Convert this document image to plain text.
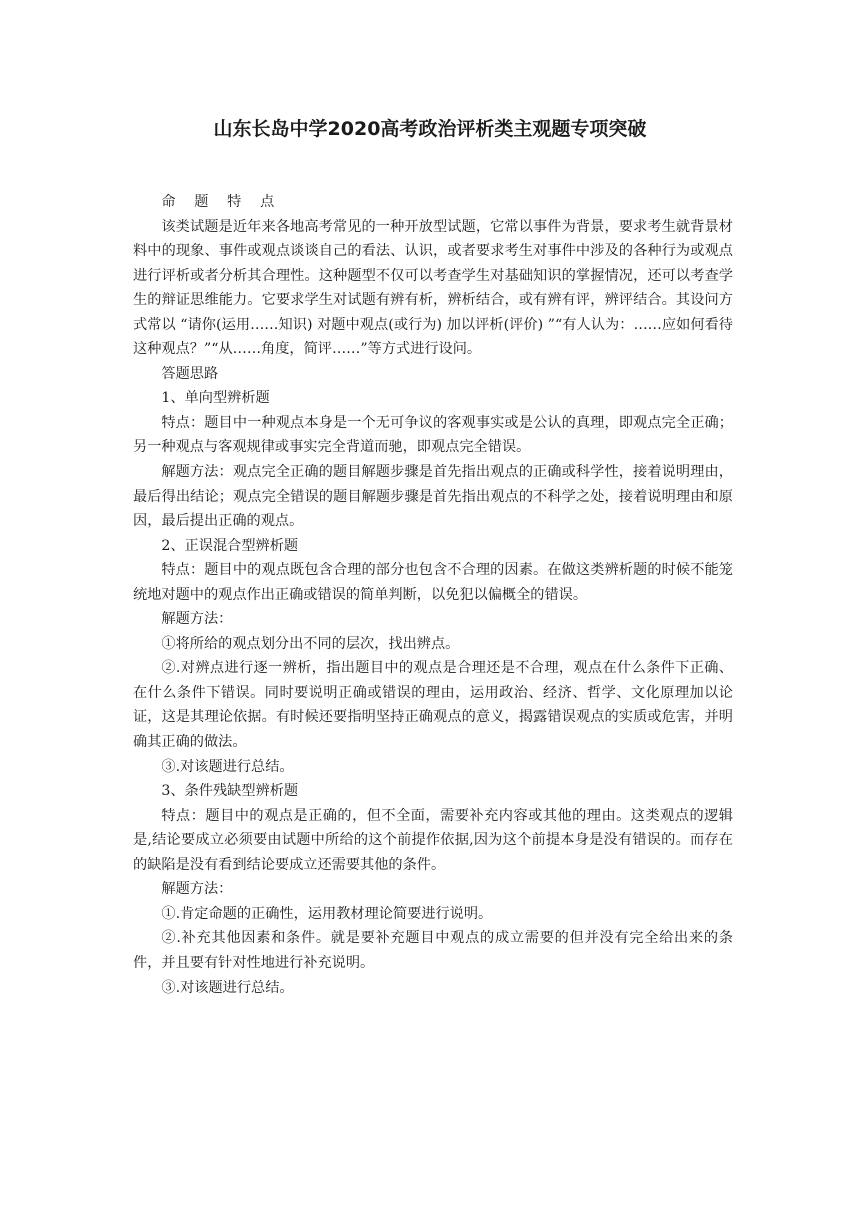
山东长岛中学2020高考政治评析类主观题专项突破

命 题 特 点

该类试题是近年来各地高考常见的一种开放型试题，它常以事件为背景，要求考生就背景材料中的现象、事件或观点谈谈自己的看法、认识，或者要求考生对事件中涉及的各种行为或观点进行评析或者分析其合理性。这种题型不仅可以考查学生对基础知识的掌握情况，还可以考查学生的辩证思维能力。它要求学生对试题有辨有析，辨析结合，或有辨有评，辨评结合。其设问方式常以 “请你(运用……知识) 对题中观点(或行为) 加以评析(评价) ”“有人认为：……应如何看待这种观点？”“从……角度，简评……”等方式进行设问。

答题思路

1、单向型辨析题

特点：题目中一种观点本身是一个无可争议的客观事实或是公认的真理，即观点完全正确；另一种观点与客观规律或事实完全背道而驰，即观点完全错误。

解题方法：观点完全正确的题目解题步骤是首先指出观点的正确或科学性，接着说明理由，最后得出结论；观点完全错误的题目解题步骤是首先指出观点的不科学之处，接着说明理由和原因，最后提出正确的观点。

2、正误混合型辨析题

特点：题目中的观点既包含合理的部分也包含不合理的因素。在做这类辨析题的时候不能笼统地对题中的观点作出正确或错误的简单判断，以免犯以偏概全的错误。

解题方法：

①将所给的观点划分出不同的层次，找出辨点。

②.对辨点进行逐一辨析，指出题目中的观点是合理还是不合理，观点在什么条件下正确、在什么条件下错误。同时要说明正确或错误的理由，运用政治、经济、哲学、文化原理加以论证，这是其理论依据。有时候还要指明坚持正确观点的意义，揭露错误观点的实质或危害，并明确其正确的做法。

③.对该题进行总结。

3、条件残缺型辨析题

特点：题目中的观点是正确的，但不全面，需要补充内容或其他的理由。这类观点的逻辑是,结论要成立必须要由试题中所给的这个前提作依据,因为这个前提本身是没有错误的。而存在的缺陷是没有看到结论要成立还需要其他的条件。

解题方法：

①.肯定命题的正确性，运用教材理论简要进行说明。

②.补充其他因素和条件。就是要补充题目中观点的成立需要的但并没有完全给出来的条件，并且要有针对性地进行补充说明。

③.对该题进行总结。
